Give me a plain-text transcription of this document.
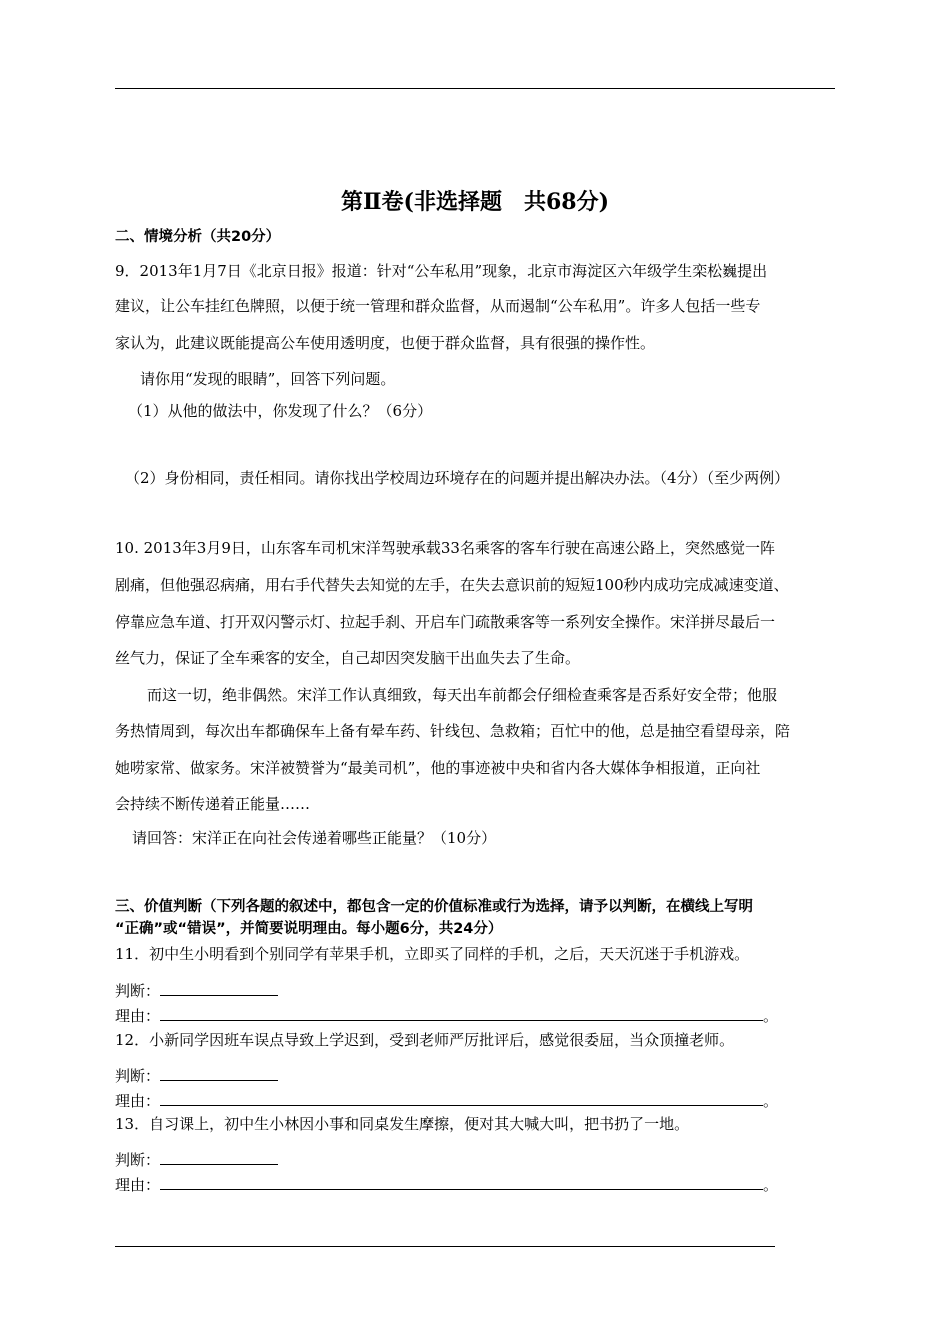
第Ⅱ卷(非选择题　共68分)
二、情境分析（共20分）
9．2013年1月7日《北京日报》报道：针对“公车私用”现象，北京市海淀区六年级学生栾松巍提出
建议，让公车挂红色牌照，以便于统一管理和群众监督，从而遏制“公车私用”。许多人包括一些专
家认为，此建议既能提高公车使用透明度，也便于群众监督，具有很强的操作性。
请你用“发现的眼睛”，回答下列问题。
（1）从他的做法中，你发现了什么？（6分）
（2）身份相同，责任相同。请你找出学校周边环境存在的问题并提出解决办法。（4分）（至少两例）
10. 2013年3月9日，山东客车司机宋洋驾驶承载33名乘客的客车行驶在高速公路上，突然感觉一阵
剧痛，但他强忍病痛，用右手代替失去知觉的左手，在失去意识前的短短100秒内成功完成减速变道、
停靠应急车道、打开双闪警示灯、拉起手刹、开启车门疏散乘客等一系列安全操作。宋洋拼尽最后一
丝气力，保证了全车乘客的安全，自己却因突发脑干出血失去了生命。
而这一切，绝非偶然。宋洋工作认真细致，每天出车前都会仔细检查乘客是否系好安全带；他服
务热情周到，每次出车都确保车上备有晕车药、针线包、急救箱；百忙中的他，总是抽空看望母亲，陪
她唠家常、做家务。宋洋被赞誉为“最美司机”，他的事迹被中央和省内各大媒体争相报道，正向社
会持续不断传递着正能量……
请回答：宋洋正在向社会传递着哪些正能量？（10分）
三、价值判断（下列各题的叙述中，都包含一定的价值标准或行为选择，请予以判断，在横线上写明
“正确”或“错误”，并简要说明理由。每小题6分，共24分）
11．初中生小明看到个别同学有苹果手机，立即买了同样的手机，之后，天天沉迷于手机游戏。
判断：
理由：	。
12．小新同学因班车误点导致上学迟到，受到老师严厉批评后，感觉很委屈，当众顶撞老师。
判断：
理由：	。
13．自习课上，初中生小林因小事和同桌发生摩擦，便对其大喊大叫，把书扔了一地。
判断：
理由：	。
